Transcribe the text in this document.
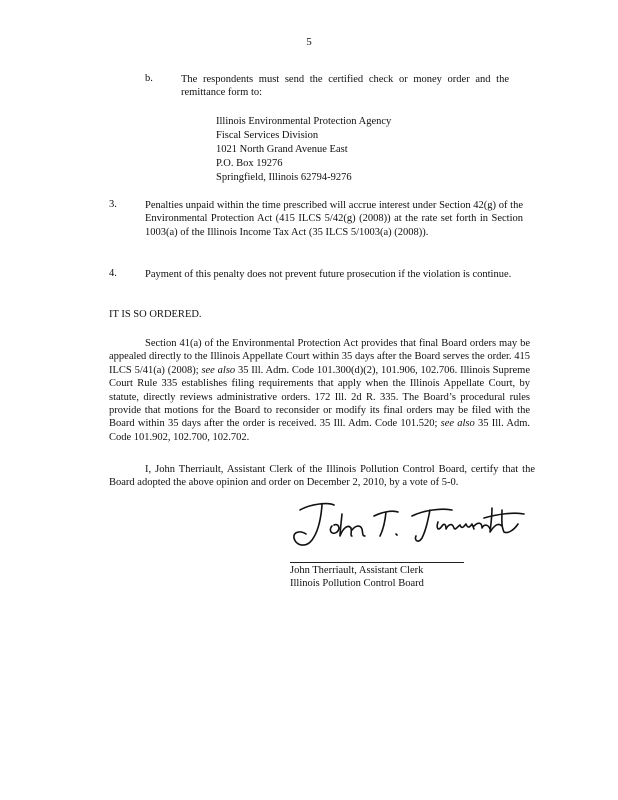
5
b.	The respondents must send the certified check or money order and the remittance form to:

Illinois Environmental Protection Agency
Fiscal Services Division
1021 North Grand Avenue East
P.O. Box 19276
Springfield, Illinois 62794-9276
3.	Penalties unpaid within the time prescribed will accrue interest under Section 42(g) of the Environmental Protection Act (415 ILCS 5/42(g) (2008)) at the rate set forth in Section 1003(a) of the Illinois Income Tax Act (35 ILCS 5/1003(a) (2008)).

4.	Payment of this penalty does not prevent future prosecution if the violation is continue.

IT IS SO ORDERED.

Section 41(a) of the Environmental Protection Act provides that final Board orders may be appealed directly to the Illinois Appellate Court within 35 days after the Board serves the order. 415 ILCS 5/41(a) (2008); see also 35 Ill. Adm. Code 101.300(d)(2), 101.906, 102.706. Illinois Supreme Court Rule 335 establishes filing requirements that apply when the Illinois Appellate Court, by statute, directly reviews administrative orders. 172 Ill. 2d R. 335. The Board’s procedural rules provide that motions for the Board to reconsider or modify its final orders may be filed with the Board within 35 days after the order is received. 35 Ill. Adm. Code 101.520; see also 35 Ill. Adm. Code 101.902, 102.700, 102.702.

I, John Therriault, Assistant Clerk of the Illinois Pollution Control Board, certify that the Board adopted the above opinion and order on December 2, 2010, by a vote of 5-0.

John Therriault, Assistant Clerk
Illinois Pollution Control Board
